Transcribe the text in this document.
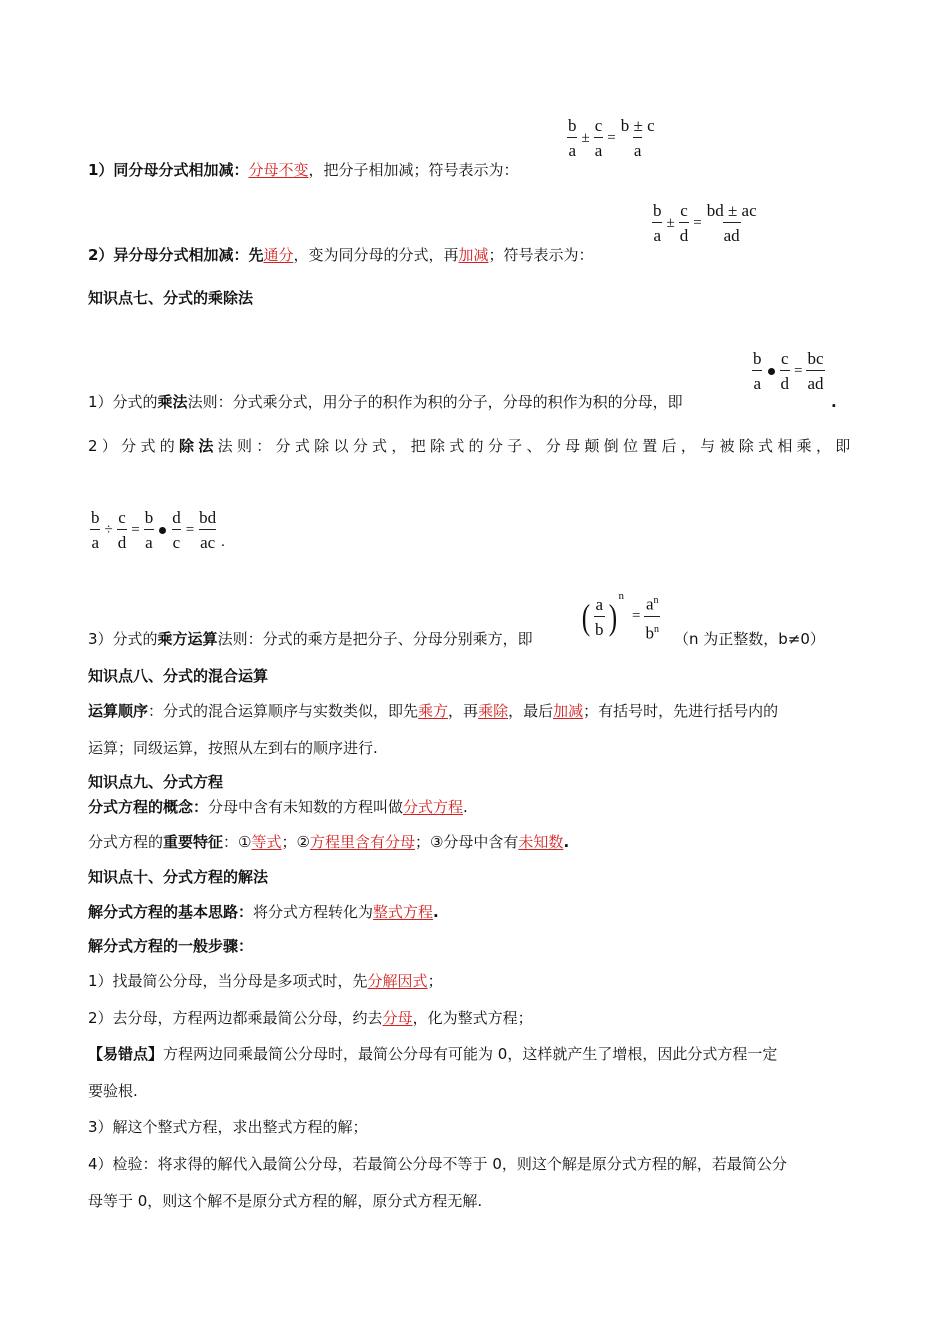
1）同分母分式相加减：分母不变，把分子相加减；符号表示为：
b
a
± $\frac{c}{a} = \frac{b \pm c}{a}$
2）异分母分式相加减：先通分，变为同分母的分式，再加减；符号表示为：
b
a
± $\frac{c}{d} = \frac{bd \pm ac}{ad}$
知识点七、分式的乘除法
1）分式的乘法法则：分式乘分式，用分子的积作为积的分子，分母的积作为积的分母，即
b
a $\frac{c}{d} = \frac{bc}{ad}$
.
2）分式的除法法则：分式除以分式，把除式的分子、分母颠倒位置后，与被除式相乘，即
$\frac{b}{a} \div \frac{c}{d} = \frac{b}{a} \frac{d}{c} = \frac{bd}{ac}$ .
3）分式的乘方运算法则：分式的乘方是把分子、分母分别乘方，即
( a
b )
n
= $\frac{a^n}{b^n} (n$ 为正整数，b≠0）
知识点八、分式的混合运算
运算顺序：分式的混合运算顺序与实数类似，即先乘方，再乘除，最后加减；有括号时，先进行括号内的
运算；同级运算，按照从左到右的顺序进行.
知识点九、分式方程
分式方程的概念：分母中含有未知数的方程叫做分式方程.
分式方程的重要特征：①等式；②方程里含有分母；③分母中含有未知数.
知识点十、分式方程的解法
解分式方程的基本思路：将分式方程转化为整式方程.
解分式方程的一般步骤：
1）找最简公分母，当分母是多项式时，先分解因式；
2）去分母，方程两边都乘最简公分母，约去分母，化为整式方程；
【易错点】方程两边同乘最简公分母时，最简公分母有可能为 0，这样就产生了增根，因此分式方程一定
要验根.
3）解这个整式方程，求出整式方程的解；
4）检验：将求得的解代入最简公分母，若最简公分母不等于 0，则这个解是原分式方程的解，若最简公分
母等于 0，则这个解不是原分式方程的解，原分式方程无解.
